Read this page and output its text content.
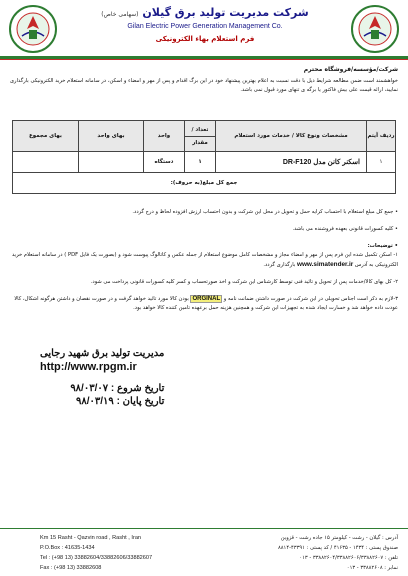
شرکت مدیریت تولید برق گیلان (سهامی خاص)
Gilan Electric Power Generation Management Co.
فرم استعلام بهاء الکترونیکی
شرکت/مؤسسه/فروشگاه محترم
خواهشمند است ضمن مطالعه شرایط ذیل با دقت نسبت به اعلام بهترین پیشنهاد خود در این برگ اقدام و پس از مهر و امضاء و اسکن، در سامانه استعلام خرید الکترونیکی بارگذاری نمایید، ارائه قیمت علی بیش فاکتور یا برگه ی تنهای مورد قبول نمی باشد.
ردیف آیتم	مشخصات ونوع کالا / خدمات مورد استعلام	تعداد /
مقدار	واحد	بهای واحد	بهای مجموع
۱	اسکنر کانن مدل DR-F120	۱	دستگاه		
جمع کل مبلغ(به حروف):					

• جمع کل مبلغ استعلام با احتساب کرایه حمل و تحویل در محل این شرکت و بدون احتساب ارزش افزوده لحاظ و درج گردد.

• کلیه کسورات قانونی بعهده فروشنده می باشد.

• توضیحات:

۱- اسکن تکمیل شده این فرم پس از مهر و امضاء مجاز و مشخصات کامل موضوع استعلام از جمله عکس و کاتالوگ پیوست شود و (بصورت یک فایل PDF ) در سامانه استعلام خرید الکترونیکی به آدرس www.simatender.ir بارگذاری گردد.

۲- کل بهای کالا/خدمات پس از تحویل و تائید فنی توسط کارشناس این شرکت و اخذ صورتحساب و کسر کلیه کسورات قانونی پرداخت می شود.

۳-لازم به ذکر است اجناس تحویلی در این شرکت در صورت داشتن ضمانت نامه و ORGINAL بودن کالا مورد تائید خواهد گرفت و در صورت نقصان و داشتن هرگونه اشکال، کالا عودت داده خواهد شد و خسارت ایجاد شده به تجهیزات این شرکت و همچنین هزینه حمل برعهده تامین کننده کالا خواهد بود.

مدیریت تولید برق شهید رجایی
http://www.rpgm.ir
تاریخ شروع : ۹۸/۰۳/۰۷
تاریخ پایان : ۹۸/۰۳/۱۹
Km 15 Rasht - Qazvin road , Rasht , Iran
P.O.Box : 41635-1434
Tel : (+98 13) 33882604/33882606/33882607
Fax : (+98 13) 33882608
آدرس : گیلان - رشت - کیلومتر ۱۵ جاده رشت - قزوین
صندوق پستی : ۱۴۳۴ - ۴۱۶۳۵ / کد پستی : ۴۳۳۹۱-۸۸۱۴
تلفن : ۳۳۸۸۲۶۰۴/۳۳۸۸۲۶۰۶/۳۳۸۸۲۶۰۷ - ۰۱۳
نمابر : ۳۳۸۸۲۶۰۸ - ۰۱۳
